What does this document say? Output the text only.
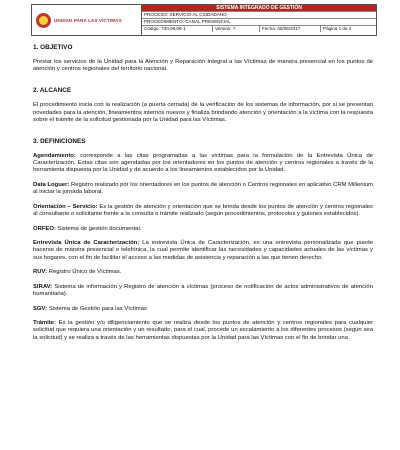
UNIDAD PARA LAS VÍCTIMAS
SISTEMA INTEGRADO DE GESTIÓN
PROCESO: SERVICIO AL CIUDADANO
PROCEDIMIENTO: CANAL PRESENCIAL
Código: 740,08,06-1	Versión: 7	Fecha: 05/06/2017	Página 1 de 4

1. OBJETIVO

Prestar los servicios de la Unidad para la Atención y Reparación Integral a las Víctimas de manera presencial en los puntos de atención y centros regionales del territorio nacional.

2. ALCANCE

El procedimiento inicia con la realización (a puerta cerrada) de la verificación de los sistemas de información, por si se presentan novedades para la atención, lineamientos internos nuevos y finaliza brindando atención y orientación a la víctima con la respuesta sobre el trámite de la solicitud gestionada por la Unidad para las Víctimas.

3. DEFINICIONES

Agendamiento: corresponde a las citas programadas a las víctimas para la formulación de la Entrevista Única de Caracterización. Estas citas son agendadas por los orientadores en los puntos de atención y centros regionales a través de la herramienta dispuesta por la Unidad y de acuerdo a los lineamientos establecidos por la Unidad.

Data Loguer: Registro realizado por los orientadores en los puntos de atención o Centros regionales en aplicativo CRM Millenium al iniciar la jornada laboral.

Orientación – Servicio: Es la gestión de atención y orientación que se brinda desde los puntos de atención y centros regionales al consultante o solicitante frente a la consulta o trámite realizado (según procedimientos, protocolos y guiones establecidos).

ORFEO: Sistema de gestión documental.

Entrevista Única de Caracterización: La entrevista Única de Caracterización, es una entrevista personalizada que puede hacerse de manera presencial o telefónica, la cual permite identificar las necesidades y capacidades actuales de las víctimas y sus hogares, con el fin de facilitar el acceso a las medidas de asistencia y reparación a las que tienen derecho.

RUV: Registro Único de Víctimas.

SIRAV: Sistema de información y Registro de atención a víctimas (proceso de notificación de actos administrativos de atención humanitaria).

SGV: Sistema de Gestión para las Víctimas

Trámite: Es la gestión y/o diligenciamiento que se realiza desde los puntos de atención y centros regionales para cualquier solicitud que requiera una orientación y un resultado, para el cual, procede un escalamiento a los diferentes procesos (según sea la solicitud) y se realiza a través de las herramientas dispuestas por la Unidad para las Víctimas con el fin de brindar una
